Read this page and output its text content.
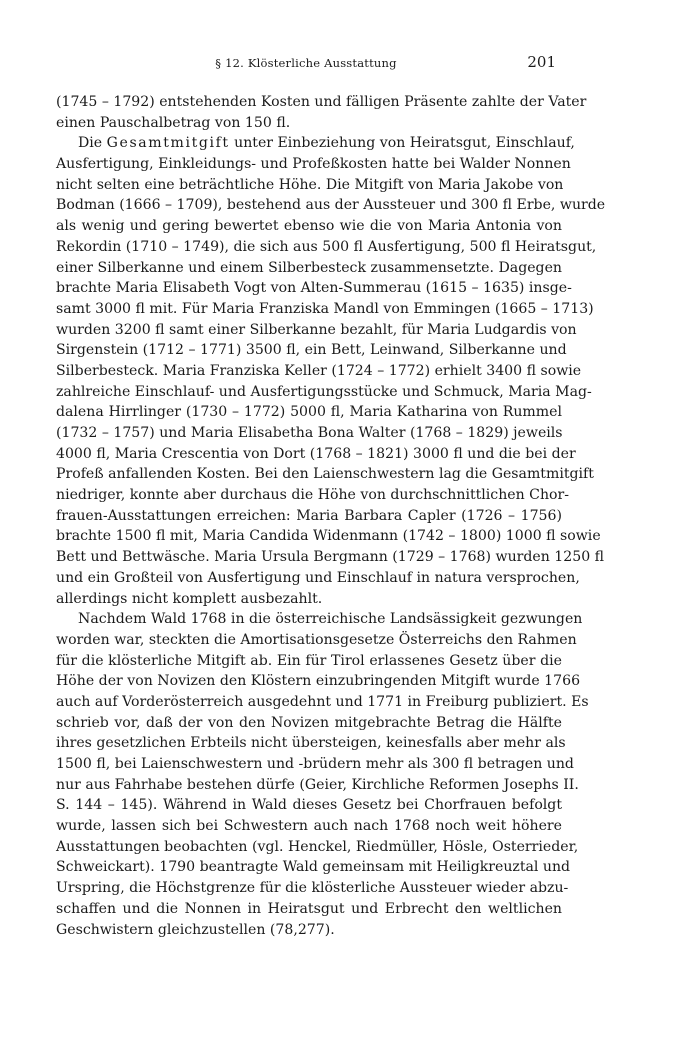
§ 12. Klösterliche Ausstattung	201
(1745 – 1792) entstehenden Kosten und fälligen Präsente zahlte der Vater
einen Pauschalbetrag von 150 fl.
Die Gesamtmitgift unter Einbeziehung von Heiratsgut, Einschlauf,
Ausfertigung, Einkleidungs- und Profeßkosten hatte bei Walder Nonnen
nicht selten eine beträchtliche Höhe. Die Mitgift von Maria Jakobe von
Bodman (1666 – 1709), bestehend aus der Aussteuer und 300 fl Erbe, wurde
als wenig und gering bewertet ebenso wie die von Maria Antonia von
Rekordin (1710 – 1749), die sich aus 500 fl Ausfertigung, 500 fl Heiratsgut,
einer Silberkanne und einem Silberbesteck zusammensetzte. Dagegen
brachte Maria Elisabeth Vogt von Alten-Summerau (1615 – 1635) insge-
samt 3000 fl mit. Für Maria Franziska Mandl von Emmingen (1665 – 1713)
wurden 3200 fl samt einer Silberkanne bezahlt, für Maria Ludgardis von
Sirgenstein (1712 – 1771) 3500 fl, ein Bett, Leinwand, Silberkanne und
Silberbesteck. Maria Franziska Keller (1724 – 1772) erhielt 3400 fl sowie
zahlreiche Einschlauf- und Ausfertigungsstücke und Schmuck, Maria Mag-
dalena Hirrlinger (1730 – 1772) 5000 fl, Maria Katharina von Rummel
(1732 – 1757) und Maria Elisabetha Bona Walter (1768 – 1829) jeweils
4000 fl, Maria Crescentia von Dort (1768 – 1821) 3000 fl und die bei der
Profeß anfallenden Kosten. Bei den Laienschwestern lag die Gesamtmitgift
niedriger, konnte aber durchaus die Höhe von durchschnittlichen Chor-
frauen-Ausstattungen erreichen: Maria Barbara Capler (1726 – 1756)
brachte 1500 fl mit, Maria Candida Widenmann (1742 – 1800) 1000 fl sowie
Bett und Bettwäsche. Maria Ursula Bergmann (1729 – 1768) wurden 1250 fl
und ein Großteil von Ausfertigung und Einschlauf in natura versprochen,
allerdings nicht komplett ausbezahlt.
Nachdem Wald 1768 in die österreichische Landsässigkeit gezwungen
worden war, steckten die Amortisationsgesetze Österreichs den Rahmen
für die klösterliche Mitgift ab. Ein für Tirol erlassenes Gesetz über die
Höhe der von Novizen den Klöstern einzubringenden Mitgift wurde 1766
auch auf Vorderösterreich ausgedehnt und 1771 in Freiburg publiziert. Es
schrieb vor, daß der von den Novizen mitgebrachte Betrag die Hälfte
ihres gesetzlichen Erbteils nicht übersteigen, keinesfalls aber mehr als
1500 fl, bei Laienschwestern und -brüdern mehr als 300 fl betragen und
nur aus Fahrhabe bestehen dürfe (Geier, Kirchliche Reformen Josephs II.
S. 144 – 145). Während in Wald dieses Gesetz bei Chorfrauen befolgt
wurde, lassen sich bei Schwestern auch nach 1768 noch weit höhere
Ausstattungen beobachten (vgl. Henckel, Riedmüller, Hösle, Osterrieder,
Schweickart). 1790 beantragte Wald gemeinsam mit Heiligkreuztal und
Urspring, die Höchstgrenze für die klösterliche Aussteuer wieder abzu-
schaffen und die Nonnen in Heiratsgut und Erbrecht den weltlichen
Geschwistern gleichzustellen (78,277).
